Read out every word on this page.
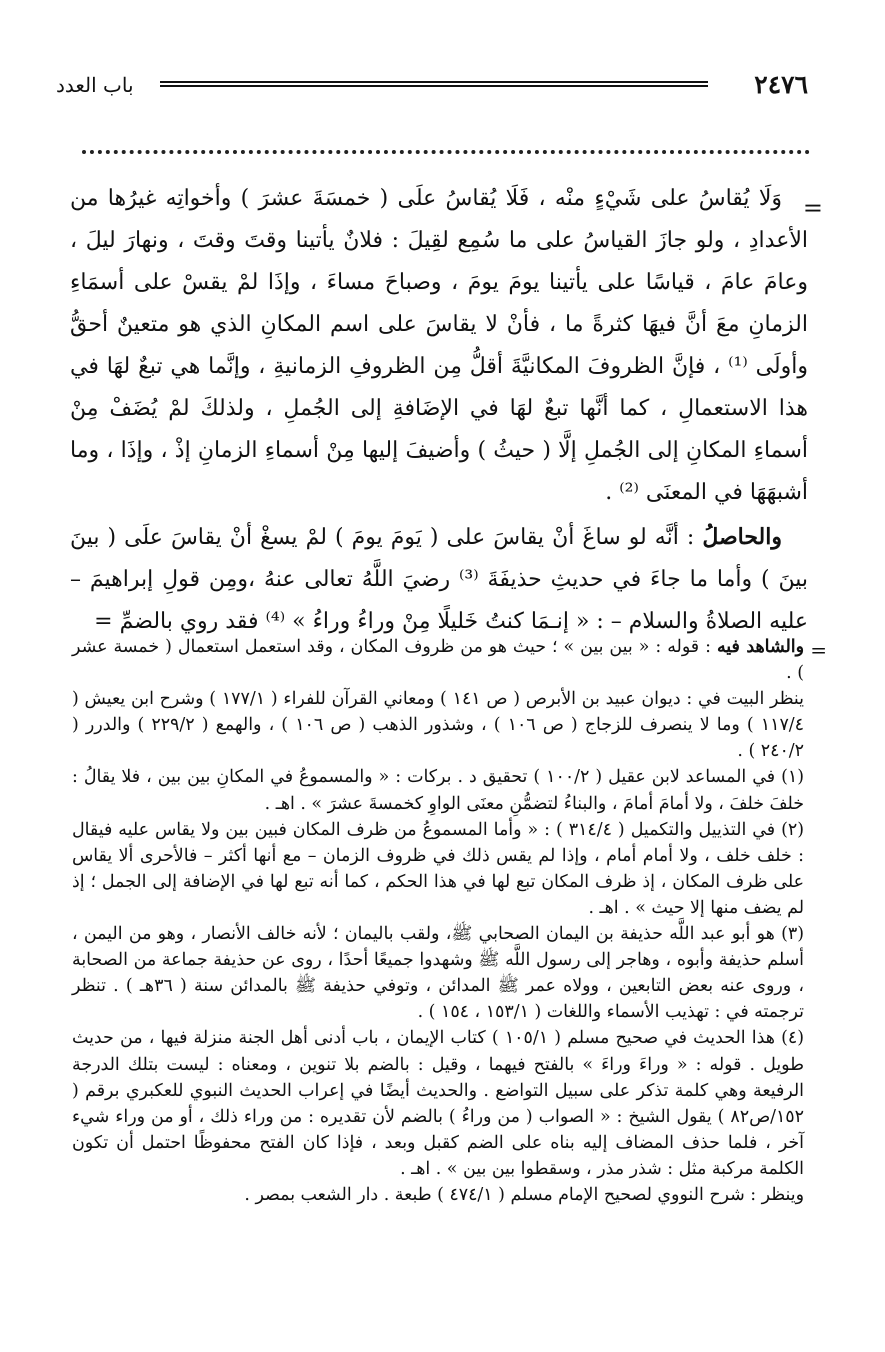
٢٤٧٦
باب العدد
=

وَلَا يُقاسُ على شَيْءٍ منْه ، فَلَا يُقاسُ علَى ( خمسَةَ عشرَ ) وأخواتِه غيرُها من الأعدادِ ، ولو جازَ القياسُ على ما سُمِع لقِيلَ : فلانٌ يأتينا وقتَ وقتَ ، ونهارَ ليلَ ، وعامَ عامَ ، قياسًا على يأتينا يومَ يومَ ، وصباحَ مساءَ ، وإذَا لمْ يقسْ على أسمَاءِ الزمانِ معَ أنَّ فيهَا كثرةً ما ، فأنْ لا يقاسَ على اسم المكانِ الذي هو متعينٌ أحقُّ وأولَى ⁽¹⁾ ، فإنَّ الظروفَ المكانيَّةَ أقلُّ مِن الظروفِ الزمانيةِ ، وإنَّما هي تبعٌ لهَا في هذا الاستعمالِ ، كما أنَّها تبعٌ لهَا في الإضَافةِ إلى الجُملِ ، ولذلكَ لمْ يُضَفْ مِنْ أسماءِ المكانِ إلى الجُملِ إلَّا ( حيثُ ) وأضيفَ إليها مِنْ أسماءِ الزمانِ إذْ ، وإذَا ، وما أشبهَهَا في المعنَى ⁽²⁾ .

والحاصلُ : أنَّه لو ساغَ أنْ يقاسَ على ( يَومَ يومَ ) لمْ يسغْ أنْ يقاسَ علَى ( بينَ بينَ ) وأما ما جاءَ في حديثِ حذيفَةَ ⁽³⁾ رضيَ اللَّهُ تعالى عنهُ ،ومِن قولِ إبراهيمَ – عليه الصلاةُ والسلام – : « إنـمَا كنتُ خَليلًا مِنْ وراءُ وراءُ » ⁽⁴⁾ فقد روي بالضمِّ =

=

والشاهد فيه : قوله : « بين بين » ؛ حيث هو من ظروف المكان ، وقد استعمل استعمال ( خمسة عشر ) .

ينظر البيت في : ديوان عبيد بن الأبرص ( ص ١٤١ ) ومعاني القرآن للفراء ( ١٧٧/١ ) وشرح ابن يعيش ( ١١٧/٤ ) وما لا ينصرف للزجاج ( ص ١٠٦ ) ، وشذور الذهب ( ص ١٠٦ ) ، والهمع ( ٢٢٩/٢ ) والدرر ( ٢٤٠/٢ ) .

(١) في المساعد لابن عقيل ( ١٠٠/٢ ) تحقيق د . بركات : « والمسموعُ في المكانِ بين بين ، فلا يقالُ : خلفَ خلفَ ، ولا أمامَ أمامَ ، والبناءُ لتضمُّنِ معنَى الواوِ كخمسةَ عشرَ » . اهـ .

(٢) في التذييل والتكميل ( ٣١٤/٤ ) : « وأما المسموعُ من ظرف المكان فبين بين ولا يقاس عليه فيقال : خلف خلف ، ولا أمام أمام ، وإذا لم يقس ذلك في ظروف الزمان – مع أنها أكثر – فالأحرى ألا يقاس على ظرف المكان ، إذ ظرف المكان تبع لها في هذا الحكم ، كما أنه تبع لها في الإضافة إلى الجمل ؛ إذ لم يضف منها إلا حيث » . اهـ .

(٣) هو أبو عبد اللَّه حذيفة بن اليمان الصحابي ﷺ، ولقب باليمان ؛ لأنه خالف الأنصار ، وهو من اليمن ، أسلم حذيفة وأبوه ، وهاجر إلى رسول اللَّه ﷺ وشهدوا جميعًا أحدًا ، روى عن حذيفة جماعة من الصحابة ، وروى عنه بعض التابعين ، وولاه عمر ﷺ المدائن ، وتوفي حذيفة ﷺ بالمدائن سنة ( ٣٦هـ ) . تنظر ترجمته في : تهذيب الأسماء واللغات ( ١٥٣/١ ، ١٥٤ ) .

(٤) هذا الحديث في صحيح مسلم ( ١٠٥/١ ) كتاب الإيمان ، باب أدنى أهل الجنة منزلة فيها ، من حديث طويل . قوله : « وراءَ وراءَ » بالفتح فيهما ، وقيل : بالضم بلا تنوين ، ومعناه : ليست بتلك الدرجة الرفيعة وهي كلمة تذكر على سبيل التواضع . والحديث أيضًا في إعراب الحديث النبوي للعكبري برقم ( ١٥٢/ص٨٢ ) يقول الشيخ : « الصواب ( من وراءُ ) بالضم لأن تقديره : من وراء ذلك ، أو من وراء شيء آخر ، فلما حذف المضاف إليه بناه على الضم كقبل وبعد ، فإذا كان الفتح محفوظًا احتمل أن تكون الكلمة مركبة مثل : شذر مذر ، وسقطوا بين بين » . اهـ .

وينظر : شرح النووي لصحيح الإمام مسلم ( ٤٧٤/١ ) طبعة . دار الشعب بمصر .
